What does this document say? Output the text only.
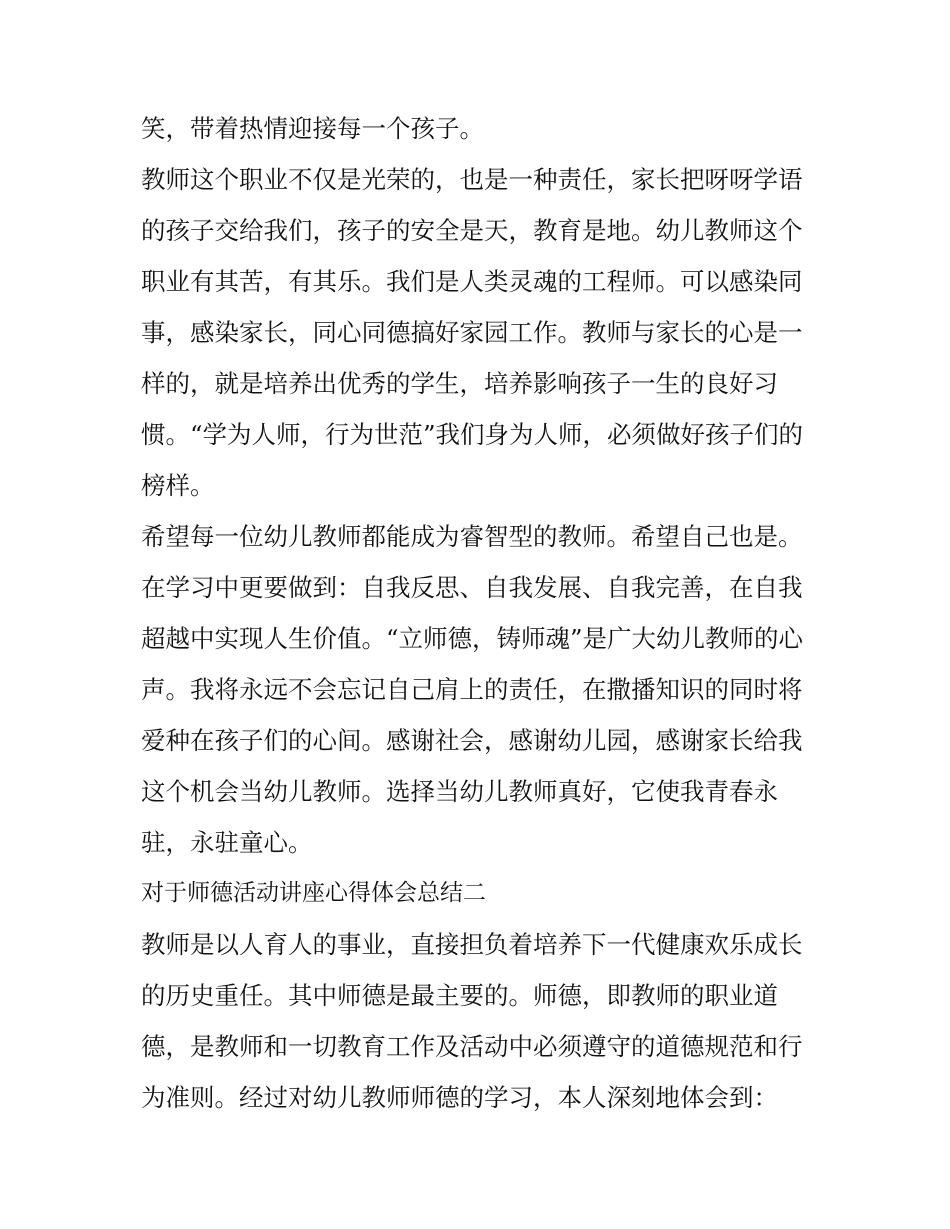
笑，带着热情迎接每一个孩子。
教师这个职业不仅是光荣的，也是一种责任，家长把呀呀学语
的孩子交给我们，孩子的安全是天，教育是地。幼儿教师这个
职业有其苦，有其乐。我们是人类灵魂的工程师。可以感染同
事，感染家长，同心同德搞好家园工作。教师与家长的心是一
样的，就是培养出优秀的学生，培养影响孩子一生的良好习
惯。“学为人师，行为世范”我们身为人师，必须做好孩子们的
榜样。
希望每一位幼儿教师都能成为睿智型的教师。希望自己也是。
在学习中更要做到：自我反思、自我发展、自我完善，在自我
超越中实现人生价值。“立师德，铸师魂”是广大幼儿教师的心
声。我将永远不会忘记自己肩上的责任，在撒播知识的同时将
爱种在孩子们的心间。感谢社会，感谢幼儿园，感谢家长给我
这个机会当幼儿教师。选择当幼儿教师真好，它使我青春永
驻，永驻童心。
对于师德活动讲座心得体会总结二
教师是以人育人的事业，直接担负着培养下一代健康欢乐成长
的历史重任。其中师德是最主要的。师德，即教师的职业道
德，是教师和一切教育工作及活动中必须遵守的道德规范和行
为准则。经过对幼儿教师师德的学习，本人深刻地体会到：
